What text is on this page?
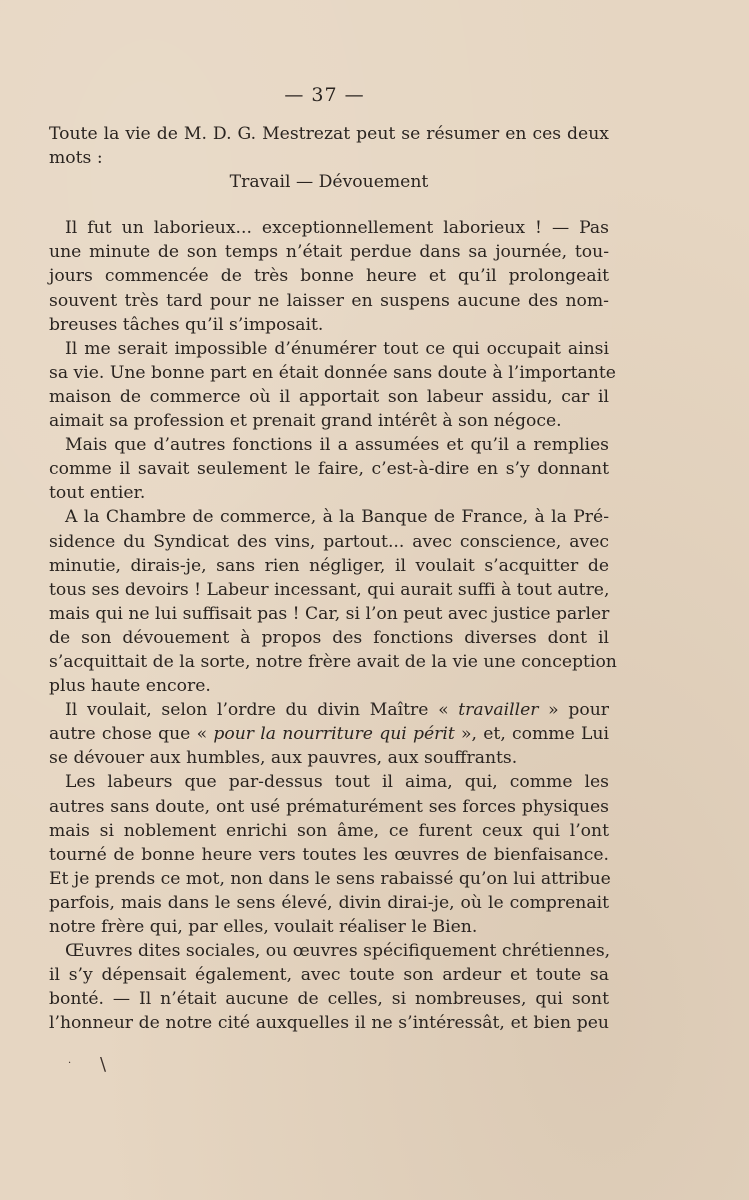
— 37 —
Toute la vie de M. D. G. Mestrezat peut se résumer en ces deux
mots :
Travail — Dévouement
Il fut un laborieux... exceptionnellement laborieux ! — Pas
une minute de son temps n’était perdue dans sa journée, tou-
jours commencée de très bonne heure et qu’il prolongeait
souvent très tard pour ne laisser en suspens aucune des nom-
breuses tâches qu’il s’imposait.
Il me serait impossible d’énumérer tout ce qui occupait ainsi
sa vie. Une bonne part en était donnée sans doute à l’importante
maison de commerce où il apportait son labeur assidu, car il
aimait sa profession et prenait grand intérêt à son négoce.
Mais que d’autres fonctions il a assumées et qu’il a remplies
comme il savait seulement le faire, c’est-à-dire en s’y donnant
tout entier.
A la Chambre de commerce, à la Banque de France, à la Pré-
sidence du Syndicat des vins, partout... avec conscience, avec
minutie, dirais-je, sans rien négliger, il voulait s’acquitter de
tous ses devoirs ! Labeur incessant, qui aurait suffi à tout autre,
mais qui ne lui suffisait pas ! Car, si l’on peut avec justice parler
de son dévouement à propos des fonctions diverses dont il
s’acquittait de la sorte, notre frère avait de la vie une conception
plus haute encore.
Il voulait, selon l’ordre du divin Maître « travailler » pour
autre chose que « pour la nourriture qui périt », et, comme Lui
se dévouer aux humbles, aux pauvres, aux souffrants.
Les labeurs que par-dessus tout il aima, qui, comme les
autres sans doute, ont usé prématurément ses forces physiques
mais si noblement enrichi son âme, ce furent ceux qui l’ont
tourné de bonne heure vers toutes les œuvres de bienfaisance.
Et je prends ce mot, non dans le sens rabaissé qu’on lui attribue
parfois, mais dans le sens élevé, divin dirai-je, où le comprenait
notre frère qui, par elles, voulait réaliser le Bien.
Œuvres dites sociales, ou œuvres spécifiquement chrétiennes,
il s’y dépensait également, avec toute son ardeur et toute sa
bonté. — Il n’était aucune de celles, si nombreuses, qui sont
l’honneur de notre cité auxquelles il ne s’intéressât, et bien peu
· \
